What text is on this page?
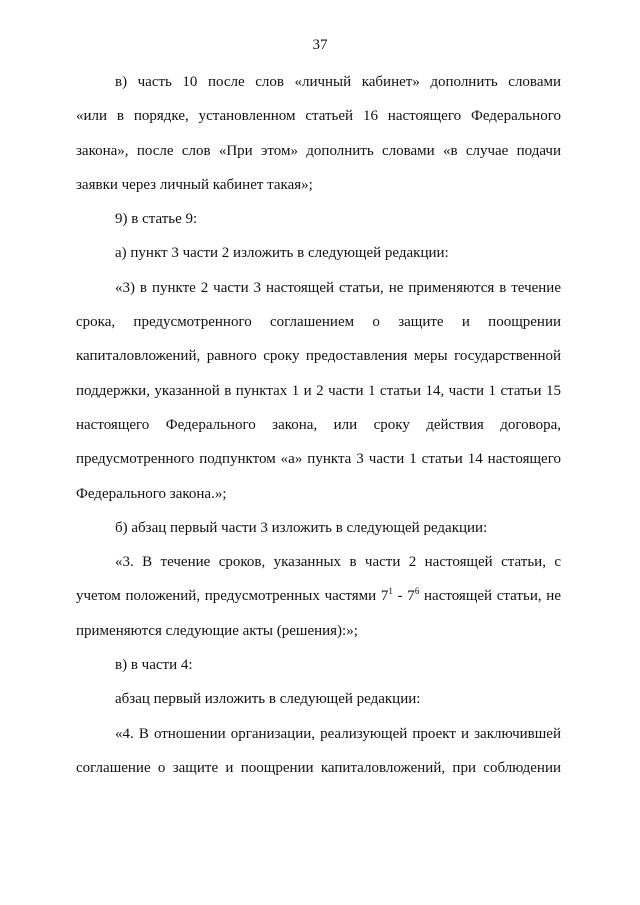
37
в) часть 10 после слов «личный кабинет» дополнить словами
«или в порядке, установленном статьей 16 настоящего Федерального
закона», после слов «При этом» дополнить словами «в случае подачи
заявки через личный кабинет такая»;
9) в статье 9:
а) пункт 3 части 2 изложить в следующей редакции:
«3) в пункте 2 части 3 настоящей статьи, не применяются в течение
срока, предусмотренного соглашением о защите и поощрении
капиталовложений, равного сроку предоставления меры государственной
поддержки, указанной в пунктах 1 и 2 части 1 статьи 14, части 1 статьи 15
настоящего Федерального закона, или сроку действия договора,
предусмотренного подпунктом «а» пункта 3 части 1 статьи 14 настоящего
Федерального закона.»;
б) абзац первый части 3 изложить в следующей редакции:
«3. В течение сроков, указанных в части 2 настоящей статьи, с
учетом положений, предусмотренных частями $7^1 - 7^6$ настоящей статьи, не
применяются следующие акты (решения):»;
в) в части 4:
абзац первый изложить в следующей редакции:
«4. В отношении организации, реализующей проект и заключившей
соглашение о защите и поощрении капиталовложений, при соблюдении
